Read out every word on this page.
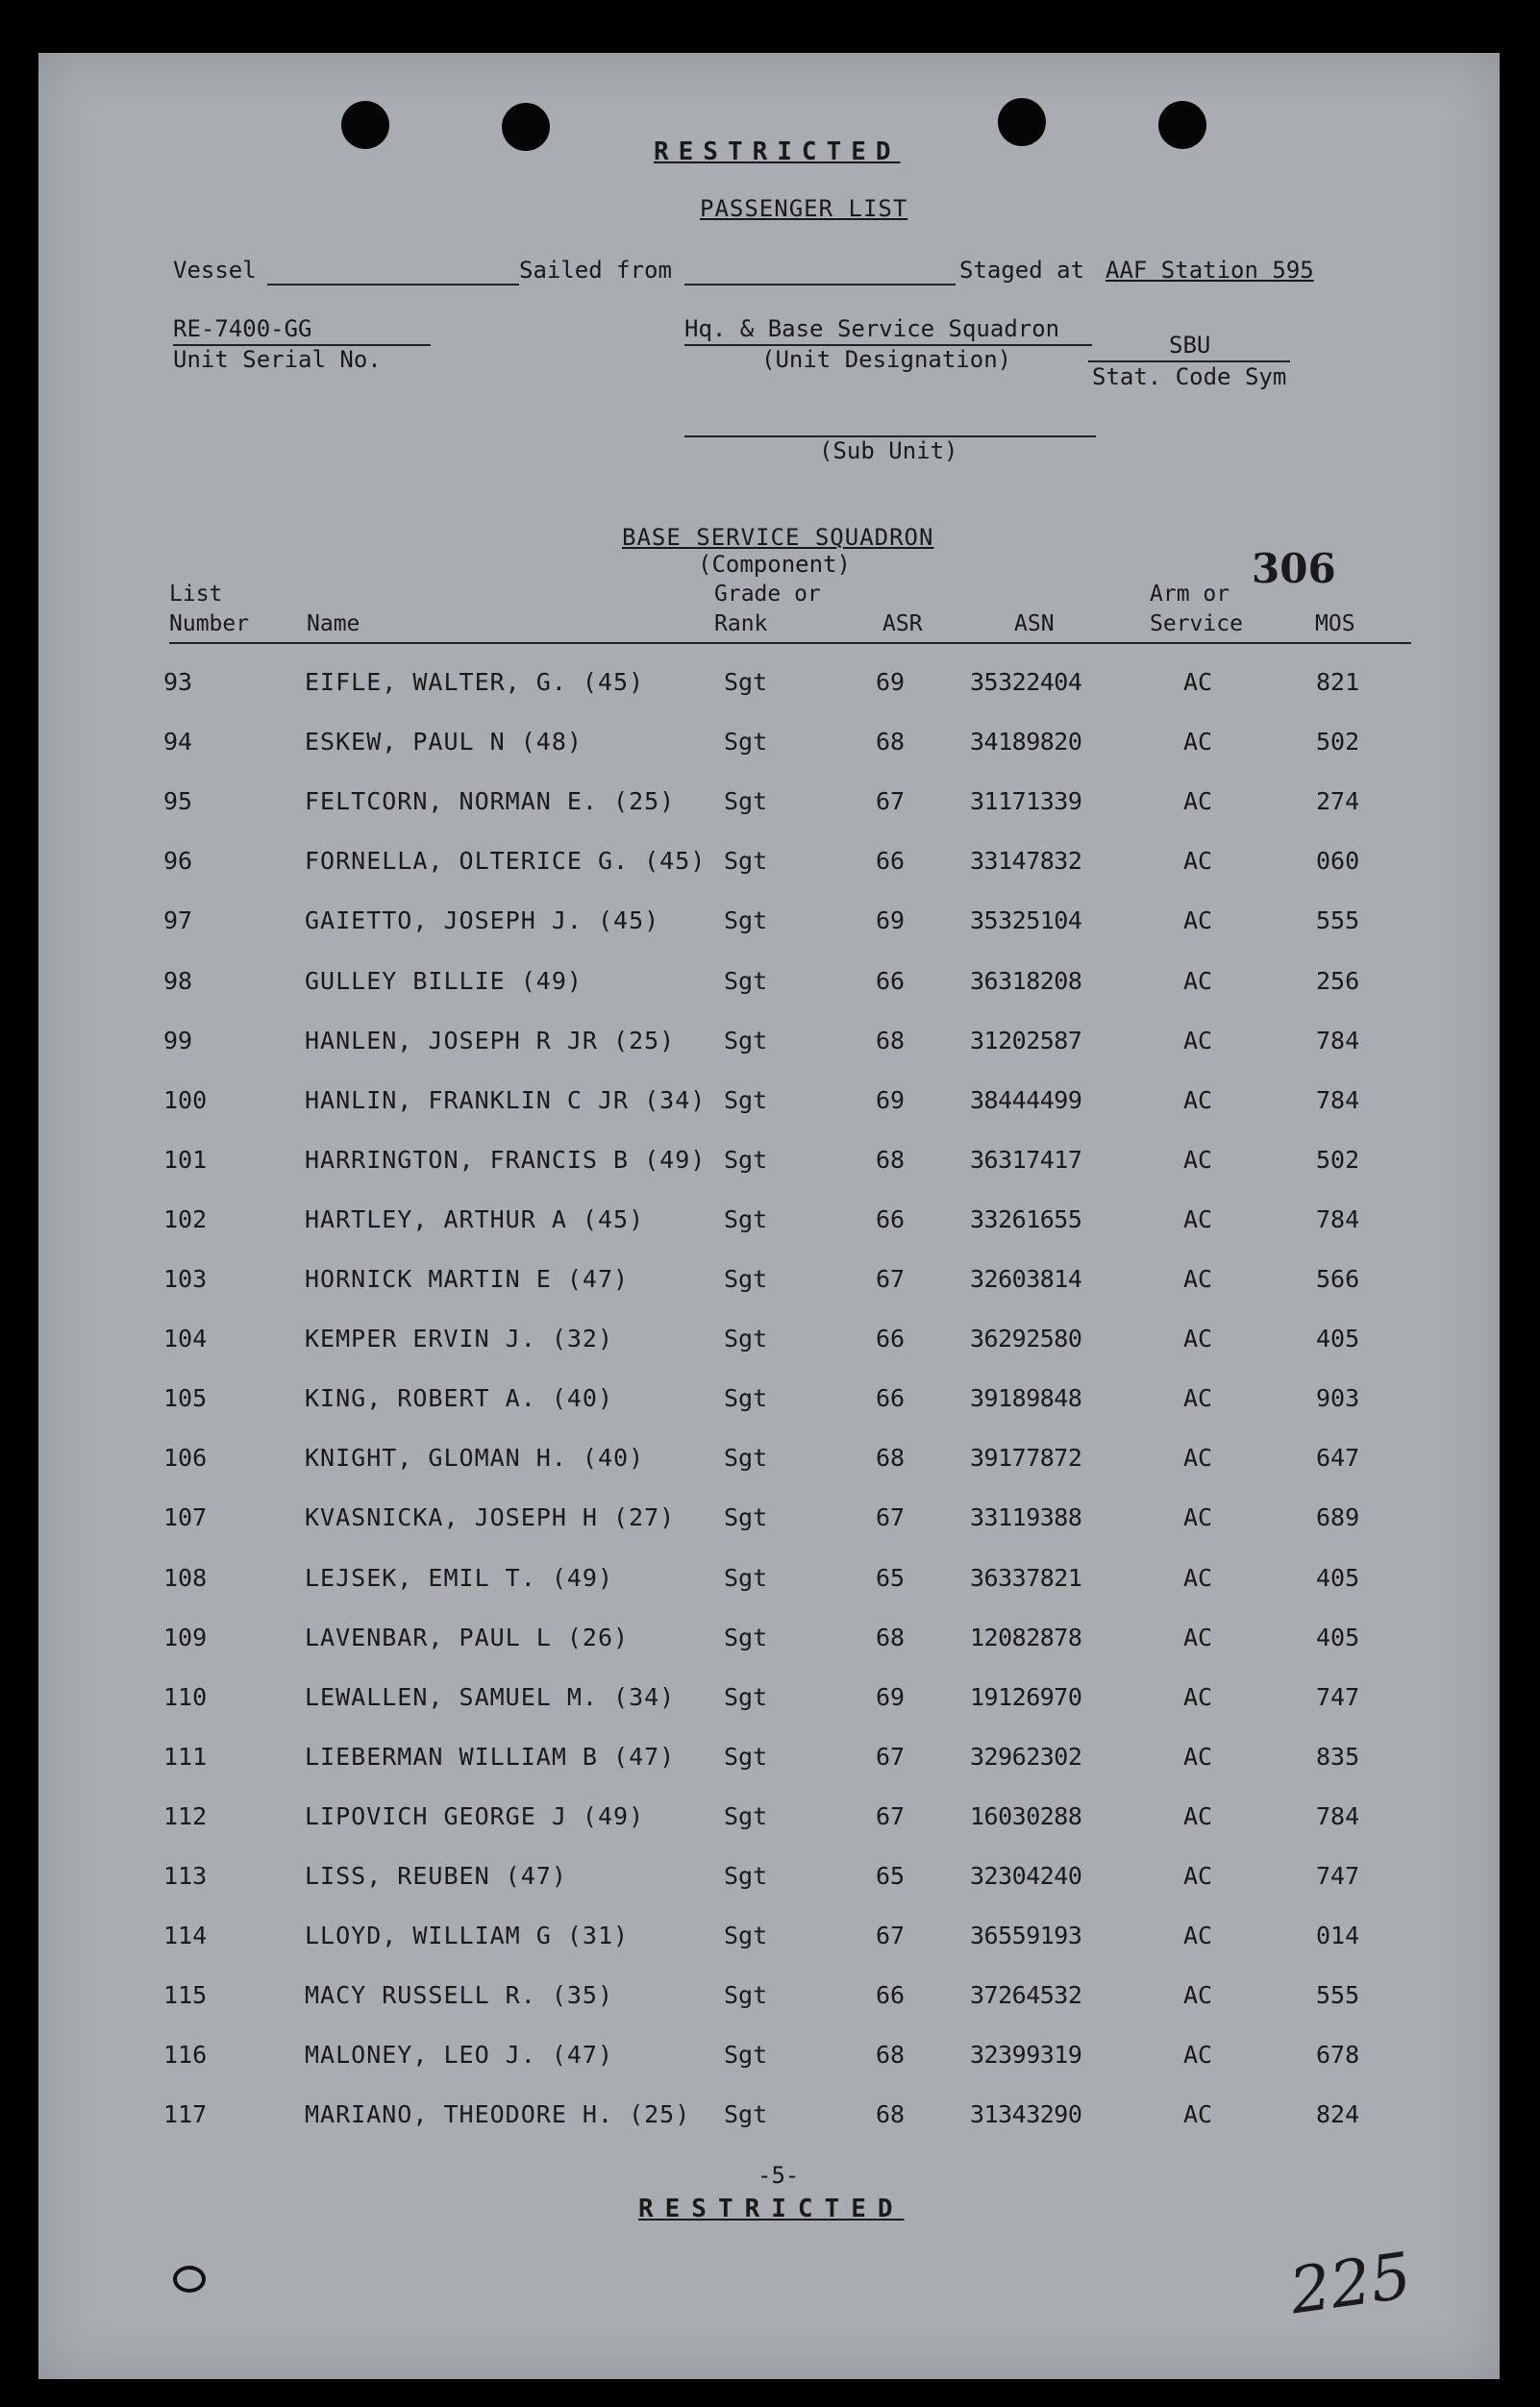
RESTRICTED
PASSENGER LIST
Vessel	Sailed from	Staged at AAF Station 595
RE-7400-GG
Unit Serial No.
Hq. & Base Service Squadron
(Unit Designation)
SBU
Stat. Code Sym
(Sub Unit)
BASE SERVICE SQUADRON
(Component)	306
List
Number	Name
Grade or
Rank	ASR	ASN
Arm or
Service	MOS
93	EIFLE, WALTER, G. (45)	Sgt	69	35322404	AC	821
94	ESKEW, PAUL N (48)	Sgt	68	34189820	AC	502
95	FELTCORN, NORMAN E. (25) Sgt	67	31171339	AC	274
96	FORNELLA, OLTERICE G. (45) Sgt	66	33147832	AC	060
97	GAIETTO, JOSEPH J. (45)	Sgt	69	35325104	AC	555
98	GULLEY BILLIE (49)	Sgt	66	36318208	AC	256
99	HANLEN, JOSEPH R JR (25) Sgt	68	31202587	AC	784
100	HANLIN, FRANKLIN C JR (34) Sgt	69	38444499	AC	784
101	HARRINGTON, FRANCIS B (49) Sgt	68	36317417	AC	502
102	HARTLEY, ARTHUR A (45)	Sgt	66	33261655	AC	784
103	HORNICK MARTIN E (47)	Sgt	67	32603814	AC	566
104	KEMPER ERVIN J. (32)	Sgt	66	36292580	AC	405
105	KING, ROBERT A. (40)	Sgt	66	39189848	AC	903
106	KNIGHT, GLOMAN H. (40)	Sgt	68	39177872	AC	647
107	KVASNICKA, JOSEPH H (27) Sgt	67	33119388	AC	689
108	LEJSEK, EMIL T. (49)	Sgt	65	36337821	AC	405
109	LAVENBAR, PAUL L (26)	Sgt	68	12082878	AC	405
110	LEWALLEN, SAMUEL M. (34) Sgt	69	19126970	AC	747
111	LIEBERMAN WILLIAM B (47) Sgt	67	32962302	AC	835
112	LIPOVICH GEORGE J (49)	Sgt	67	16030288	AC	784
113	LISS, REUBEN (47)	Sgt	65	32304240	AC	747
114	LLOYD, WILLIAM G (31)	Sgt	67	36559193	AC	014
115	MACY RUSSELL R. (35)	Sgt	66	37264532	AC	555
116	MALONEY, LEO J. (47)	Sgt	68	32399319	AC	678
117	MARIANO, THEODORE H. (25) Sgt	68	31343290	AC	824
-5-
RESTRICTED
225
